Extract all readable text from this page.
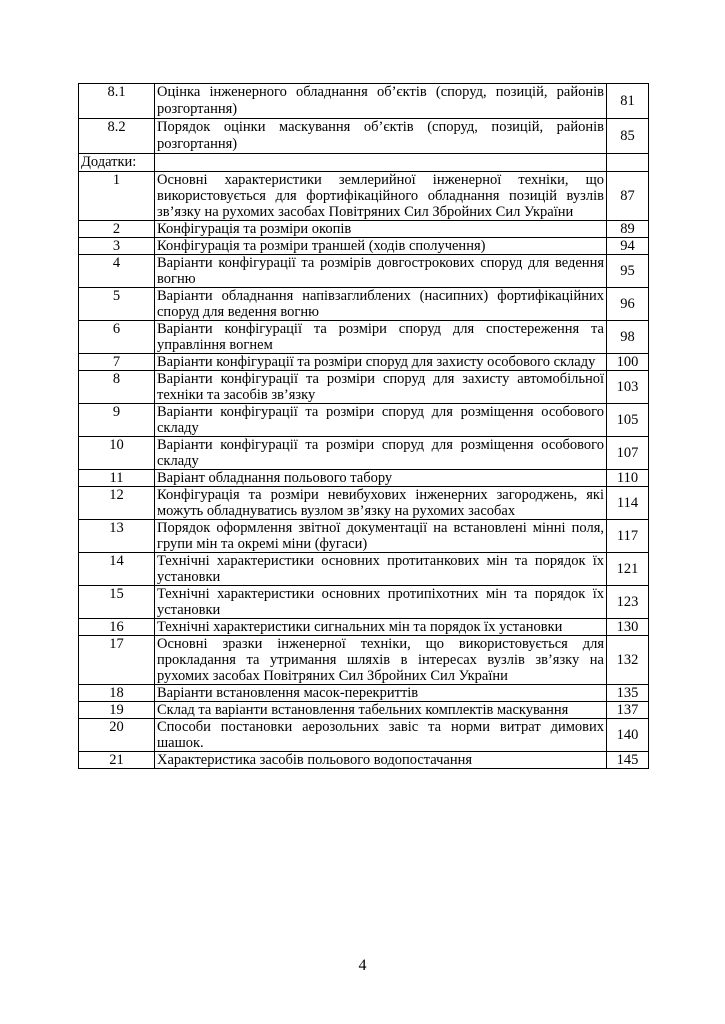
8.1	Оцінка інженерного обладнання об’єктів (споруд, позицій, районів розгортання)	81
8.2	Порядок оцінки маскування об’єктів (споруд, позицій, районів розгортання)	85
Додатки:		
1	Основні характеристики землерийної інженерної техніки, що використовується для фортифікаційного обладнання позицій вузлів зв’язку на рухомих засобах Повітряних Сил Збройних Сил України	87
2	Конфігурація та розміри окопів	89
3	Конфігурація та розміри траншей (ходів сполучення)	94
4	Варіанти конфігурації та розмірів довгострокових споруд для ведення вогню	95
5	Варіанти обладнання напівзаглиблених (насипних) фортифікаційних споруд для ведення вогню	96
6	Варіанти конфігурації та розміри споруд для спостереження та управління вогнем	98
7	Варіанти конфігурації та розміри споруд для захисту особового складу	100
8	Варіанти конфігурації та розміри споруд для захисту автомобільної техніки та засобів зв’язку	103
9	Варіанти конфігурації та розміри споруд для розміщення особового складу	105
10	Варіанти конфігурації та розміри споруд для розміщення особового складу	107
11	Варіант обладнання польового табору	110
12	Конфігурація та розміри невибухових інженерних загороджень, які можуть обладнуватись вузлом зв’язку на рухомих засобах	114
13	Порядок оформлення звітної документації на встановлені мінні поля, групи мін та окремі міни (фугаси)	117
14	Технічні характеристики основних протитанкових мін та порядок їх установки	121
15	Технічні характеристики основних протипіхотних мін та порядок їх установки	123
16	Технічні характеристики сигнальних мін та порядок їх установки	130
17	Основні зразки інженерної техніки, що використовується для прокладання та утримання шляхів в інтересах вузлів зв’язку на рухомих засобах Повітряних Сил Збройних Сил України	132
18	Варіанти встановлення масок-перекриттів	135
19	Склад та варіанти встановлення табельних комплектів маскування	137
20	Способи постановки аерозольних завіс та норми витрат димових шашок.	140
21	Характеристика засобів польового водопостачання	145
4
